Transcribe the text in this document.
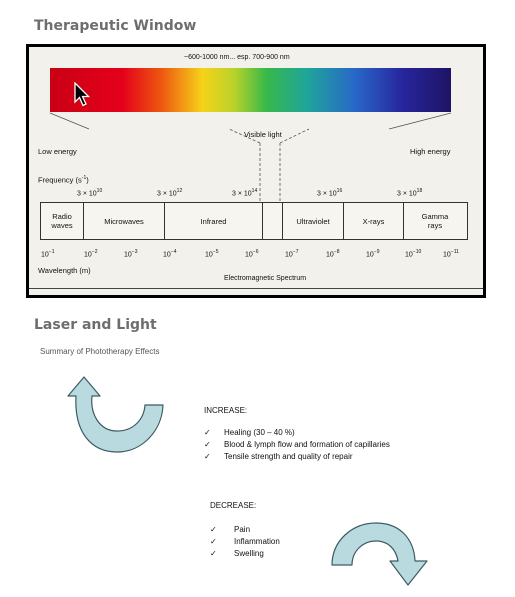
Therapeutic Window
~600-1000 nm... esp. 700-900 nm
Visible light
Low energy	High energy
Frequency $(s^{-1})$
$3 \times 10^{10}$	$3 \times 10^{12}$	$3 \times 10^{14}$	$3 \times 10^{16}$	$3 \times 10^{18}$
Radio
waves	Microwaves	Infrared	Ultraviolet	X-rays	Gamma
rays
$10^{-1}$	$10^{-2}$	$10^{-3}$	$10^{-4}$	$10^{-5}$	$10^{-6}$	$10^{-7}$	$10^{-8}$	$10^{-9}$	$10^{-10}$	$10^{-11}$
Wavelength (m)
Electromagnetic Spectrum
Laser and Light
Summary of Phototherapy Effects
INCREASE:
✓	Healing (30 – 40 %)
✓	Blood & lymph flow and formation of capillaries
✓	Tensile strength and quality of repair
DECREASE:
✓	Pain
✓	Inflammation
✓	Swelling
